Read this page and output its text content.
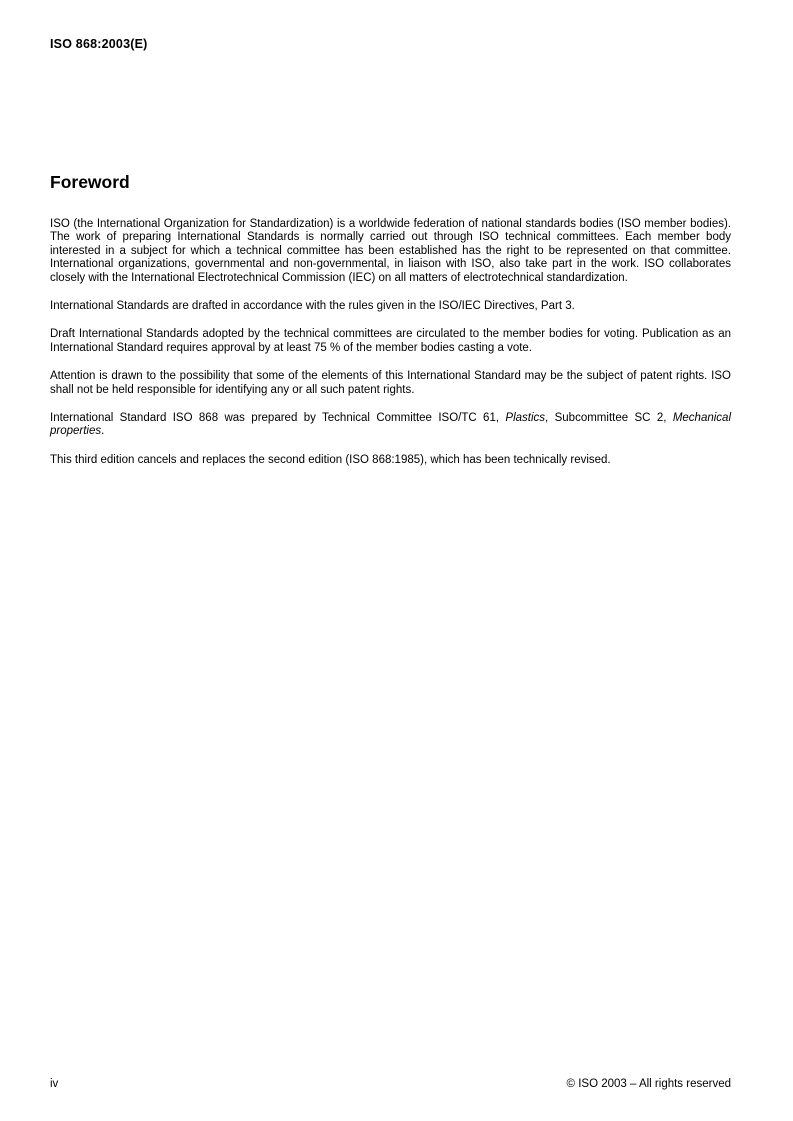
ISO 868:2003(E)
Foreword

ISO (the International Organization for Standardization) is a worldwide federation of national standards bodies (ISO member bodies). The work of preparing International Standards is normally carried out through ISO technical committees. Each member body interested in a subject for which a technical committee has been established has the right to be represented on that committee. International organizations, governmental and non-governmental, in liaison with ISO, also take part in the work. ISO collaborates closely with the International Electrotechnical Commission (IEC) on all matters of electrotechnical standardization.

International Standards are drafted in accordance with the rules given in the ISO/IEC Directives, Part 3.

Draft International Standards adopted by the technical committees are circulated to the member bodies for voting. Publication as an International Standard requires approval by at least 75 % of the member bodies casting a vote.

Attention is drawn to the possibility that some of the elements of this International Standard may be the subject of patent rights. ISO shall not be held responsible for identifying any or all such patent rights.

International Standard ISO 868 was prepared by Technical Committee ISO/TC 61, Plastics, Subcommittee SC 2, Mechanical properties.

This third edition cancels and replaces the second edition (ISO 868:1985), which has been technically revised.

iv	© ISO 2003 – All rights reserved
